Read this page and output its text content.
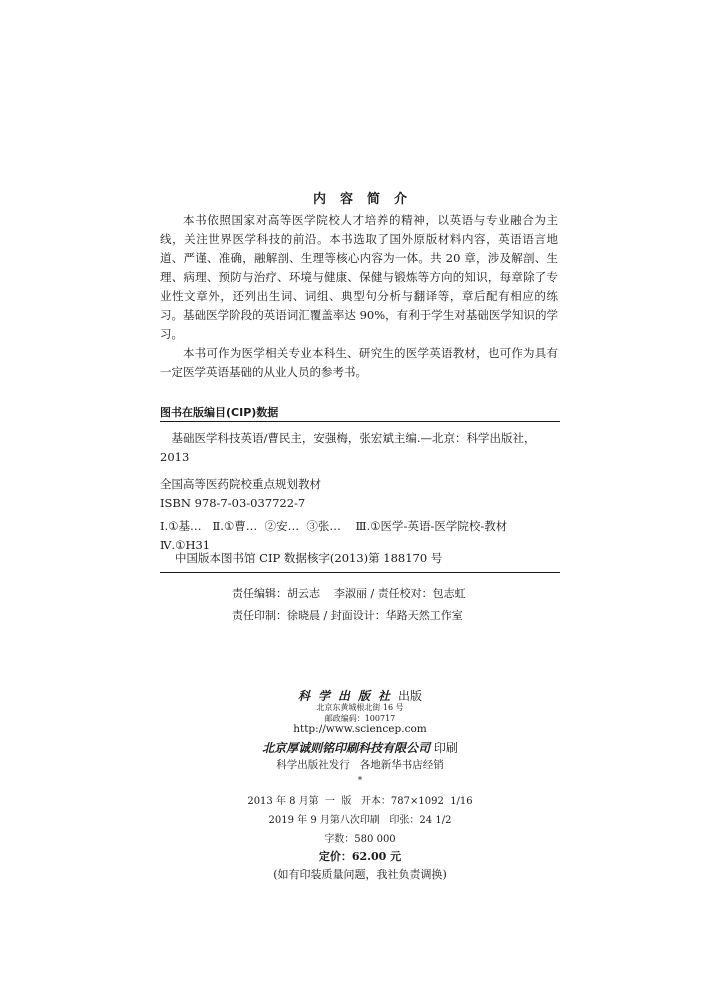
内容简介

本书依照国家对高等医学院校人才培养的精神，以英语与专业融合为主线，关注世界医学科技的前沿。本书选取了国外原版材料内容，英语语言地道、严谨、准确，融解剖、生理等核心内容为一体。共 20 章，涉及解剖、生理、病理、预防与治疗、环境与健康、保健与锻炼等方向的知识，每章除了专业性文章外，还列出生词、词组、典型句分析与翻译等，章后配有相应的练习。基础医学阶段的英语词汇覆盖率达 90%，有利于学生对基础医学知识的学习。

本书可作为医学相关专业本科生、研究生的医学英语教材，也可作为具有一定医学英语基础的从业人员的参考书。

图书在版编目(CIP)数据
基础医学科技英语/曹民主，安强梅，张宏斌主编.—北京：科学出版社，2013
全国高等医药院校重点规划教材
ISBN 978-7-03-037722-7
Ⅰ.①基…   Ⅱ.①曹…  ②安…  ③张…    Ⅲ.①医学-英语-医学院校-教材
Ⅳ.①H31
中国版本图书馆 CIP 数据核字(2013)第 188170 号
责任编辑：胡云志    李淑丽 / 责任校对：包志虹
责任印制：徐晓晨 / 封面设计：华路天然工作室
科学出版社出版
北京东黄城根北街 16 号
邮政编码：100717
http://www.sciencep.com
北京厚诚则铭印刷科技有限公司 印刷
科学出版社发行   各地新华书店经销
*
2013 年 8 月第  一  版   开本：787×1092  1/16
2019 年 9 月第八次印刷   印张：24 1/2
字数：580 000
定价：62.00 元
(如有印装质量问题，我社负责调换)
